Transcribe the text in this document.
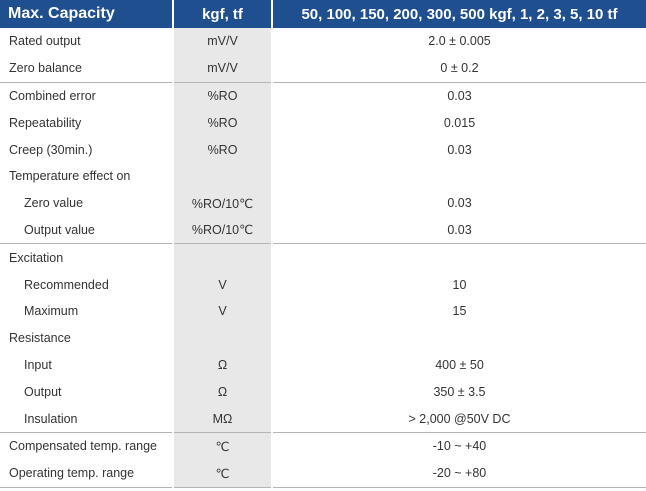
Max. Capacity	kgf, tf	50, 100, 150, 200, 300, 500 kgf, 1, 2, 3, 5, 10 tf
Rated output	mV/V	2.0 ± 0.005
Zero balance	mV/V	0 ± 0.2
Combined error	%RO	0.03
Repeatability	%RO	0.015
Creep (30min.)	%RO	0.03
Temperature effect on		
Zero value	%RO/10℃	0.03
Output value	%RO/10℃	0.03
Excitation		
Recommended	V	10
Maximum	V	15
Resistance		
Input	Ω	400 ± 50
Output	Ω	350 ± 3.5
Insulation	MΩ	> 2,000 @50V DC
Compensated temp. range	℃	-10 ~ +40
Operating temp. range	℃	-20 ~ +80
